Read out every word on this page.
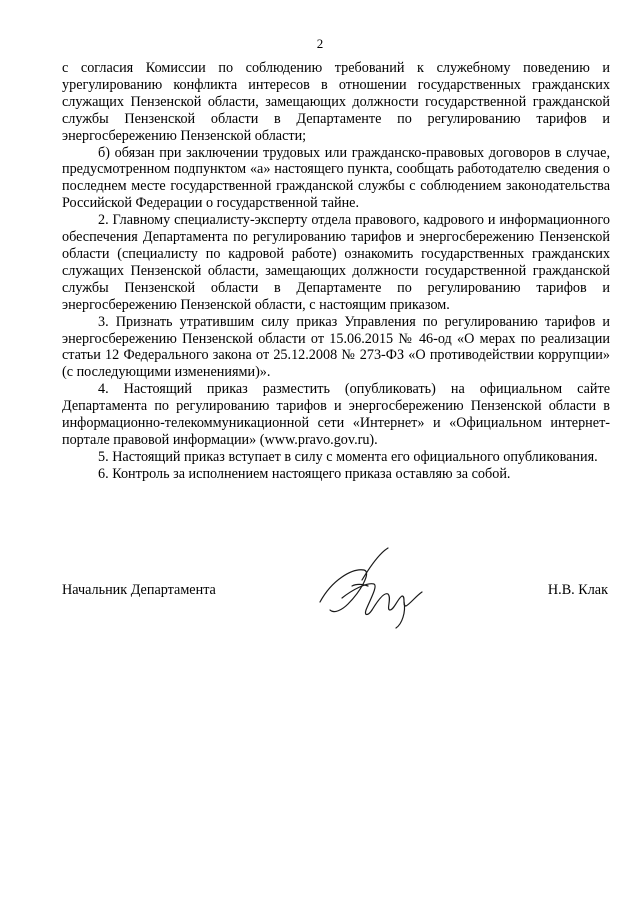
2

с согласия Комиссии по соблюдению требований к служебному поведению и урегулированию конфликта интересов в отношении государственных гражданских служащих Пензенской области, замещающих должности государственной гражданской службы Пензенской области в Департаменте по регулированию тарифов и энергосбережению Пензенской области;

б) обязан при заключении трудовых или гражданско-правовых договоров в случае, предусмотренном подпунктом «а» настоящего пункта, сообщать работодателю сведения о последнем месте государственной гражданской службы с соблюдением законодательства Российской Федерации о государственной тайне.

2. Главному специалисту-эксперту отдела правового, кадрового и информационного обеспечения Департамента по регулированию тарифов и энергосбережению Пензенской области (специалисту по кадровой работе) ознакомить государственных гражданских служащих Пензенской области, замещающих должности государственной гражданской службы Пензенской области в Департаменте по регулированию тарифов и энергосбережению Пензенской области, с настоящим приказом.

3. Признать утратившим силу приказ Управления по регулированию тарифов и энергосбережению Пензенской области от 15.06.2015 № 46-од «О мерах по реализации статьи 12 Федерального закона от 25.12.2008 № 273-ФЗ «О противодействии коррупции» (с последующими изменениями)».

4. Настоящий приказ разместить (опубликовать) на официальном сайте Департамента по регулированию тарифов и энергосбережению Пензенской области в информационно-телекоммуникационной сети «Интернет» и «Официальном интернет-портале правовой информации» (www.pravo.gov.ru).

5. Настоящий приказ вступает в силу с момента его официального опубликования.

6. Контроль за исполнением настоящего приказа оставляю за собой.

Начальник Департамента	Н.В. Клак
